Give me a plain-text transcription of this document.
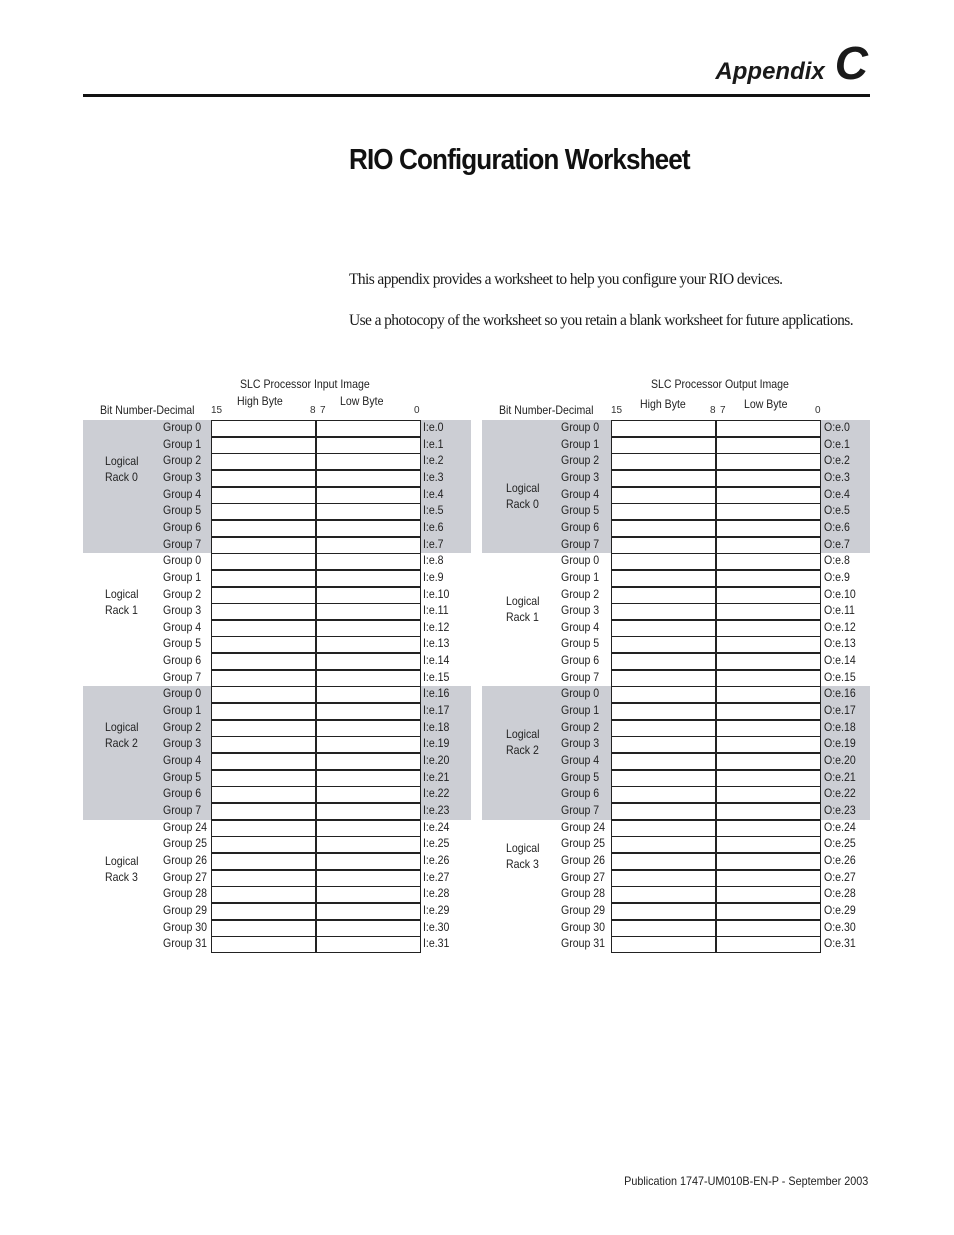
Appendix C
RIO Configuration Worksheet

This appendix provides a worksheet to help you configure your RIO devices.

Use a photocopy of the worksheet so you retain a blank worksheet for future applications.

SLC Processor Input Image
High Byte	Low Byte
Bit Number-Decimal 15	8 7	0
Logical
Rack 0
Group 0	I:e.0
Group 1	I:e.1
Group 2	I:e.2
Group 3	I:e.3
Group 4	I:e.4
Group 5	I:e.5
Group 6	I:e.6
Group 7	I:e.7
Logical
Rack 1
Group 0	I:e.8
Group 1	I:e.9
Group 2	I:e.10
Group 3	I:e.11
Group 4	I:e.12
Group 5	I:e.13
Group 6	I:e.14
Group 7	I:e.15
Logical
Rack 2
Group 0	I:e.16
Group 1	I:e.17
Group 2	I:e.18
Group 3	I:e.19
Group 4	I:e.20
Group 5	I:e.21
Group 6	I:e.22
Group 7	I:e.23
Logical
Rack 3
Group 24	I:e.24
Group 25	I:e.25
Group 26	I:e.26
Group 27	I:e.27
Group 28	I:e.28
Group 29	I:e.29
Group 30	I:e.30
Group 31	I:e.31
SLC Processor Output Image
High Byte	Low Byte
Bit Number-Decimal 15	8 7	0
Logical
Rack 0
Group 0	O:e.0
Group 1	O:e.1
Group 2	O:e.2
Group 3	O:e.3
Group 4	O:e.4
Group 5	O:e.5
Group 6	O:e.6
Group 7	O:e.7
Logical
Rack 1
Group 0	O:e.8
Group 1	O:e.9
Group 2	O:e.10
Group 3	O:e.11
Group 4	O:e.12
Group 5	O:e.13
Group 6	O:e.14
Group 7	O:e.15
Logical
Rack 2
Group 0	O:e.16
Group 1	O:e.17
Group 2	O:e.18
Group 3	O:e.19
Group 4	O:e.20
Group 5	O:e.21
Group 6	O:e.22
Group 7	O:e.23
Logical
Rack 3
Group 24	O:e.24
Group 25	O:e.25
Group 26	O:e.26
Group 27	O:e.27
Group 28	O:e.28
Group 29	O:e.29
Group 30	O:e.30
Group 31	O:e.31
Publication 1747-UM010B-EN-P - September 2003
